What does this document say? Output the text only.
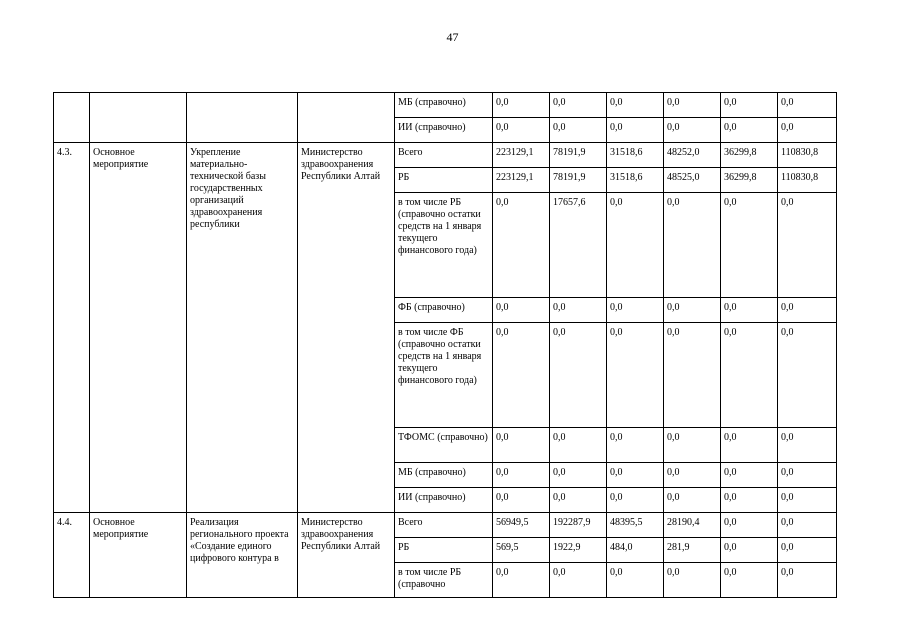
47
				МБ (справочно)	0,0	0,0	0,0	0,0	0,0	0,0
				ИИ (справочно)	0,0	0,0	0,0	0,0	0,0	0,0
4.3.	Основное мероприятие	Укрепление материально-технической базы государственных организаций здравоохранения республики	Министерство здравоохранения Республики Алтай	Всего	223129,1	78191,9	31518,6	48252,0	36299,8	110830,8
				РБ	223129,1	78191,9	31518,6	48525,0	36299,8	110830,8
				в том числе РБ (справочно остатки средств на 1 января текущего финансового года)	0,0	17657,6	0,0	0,0	0,0	0,0
				ФБ (справочно)	0,0	0,0	0,0	0,0	0,0	0,0
				в том числе ФБ (справочно остатки средств на 1 января текущего финансового года)	0,0	0,0	0,0	0,0	0,0	0,0
				ТФОМС (справочно)	0,0	0,0	0,0	0,0	0,0	0,0
				МБ (справочно)	0,0	0,0	0,0	0,0	0,0	0,0
				ИИ (справочно)	0,0	0,0	0,0	0,0	0,0	0,0
4.4.	Основное мероприятие	Реализация регионального проекта «Создание единого цифрового контура в	Министерство здравоохранения Республики Алтай	Всего	56949,5	192287,9	48395,5	28190,4	0,0	0,0
				РБ	569,5	1922,9	484,0	281,9	0,0	0,0
				в том числе РБ (справочно	0,0	0,0	0,0	0,0	0,0	0,0
